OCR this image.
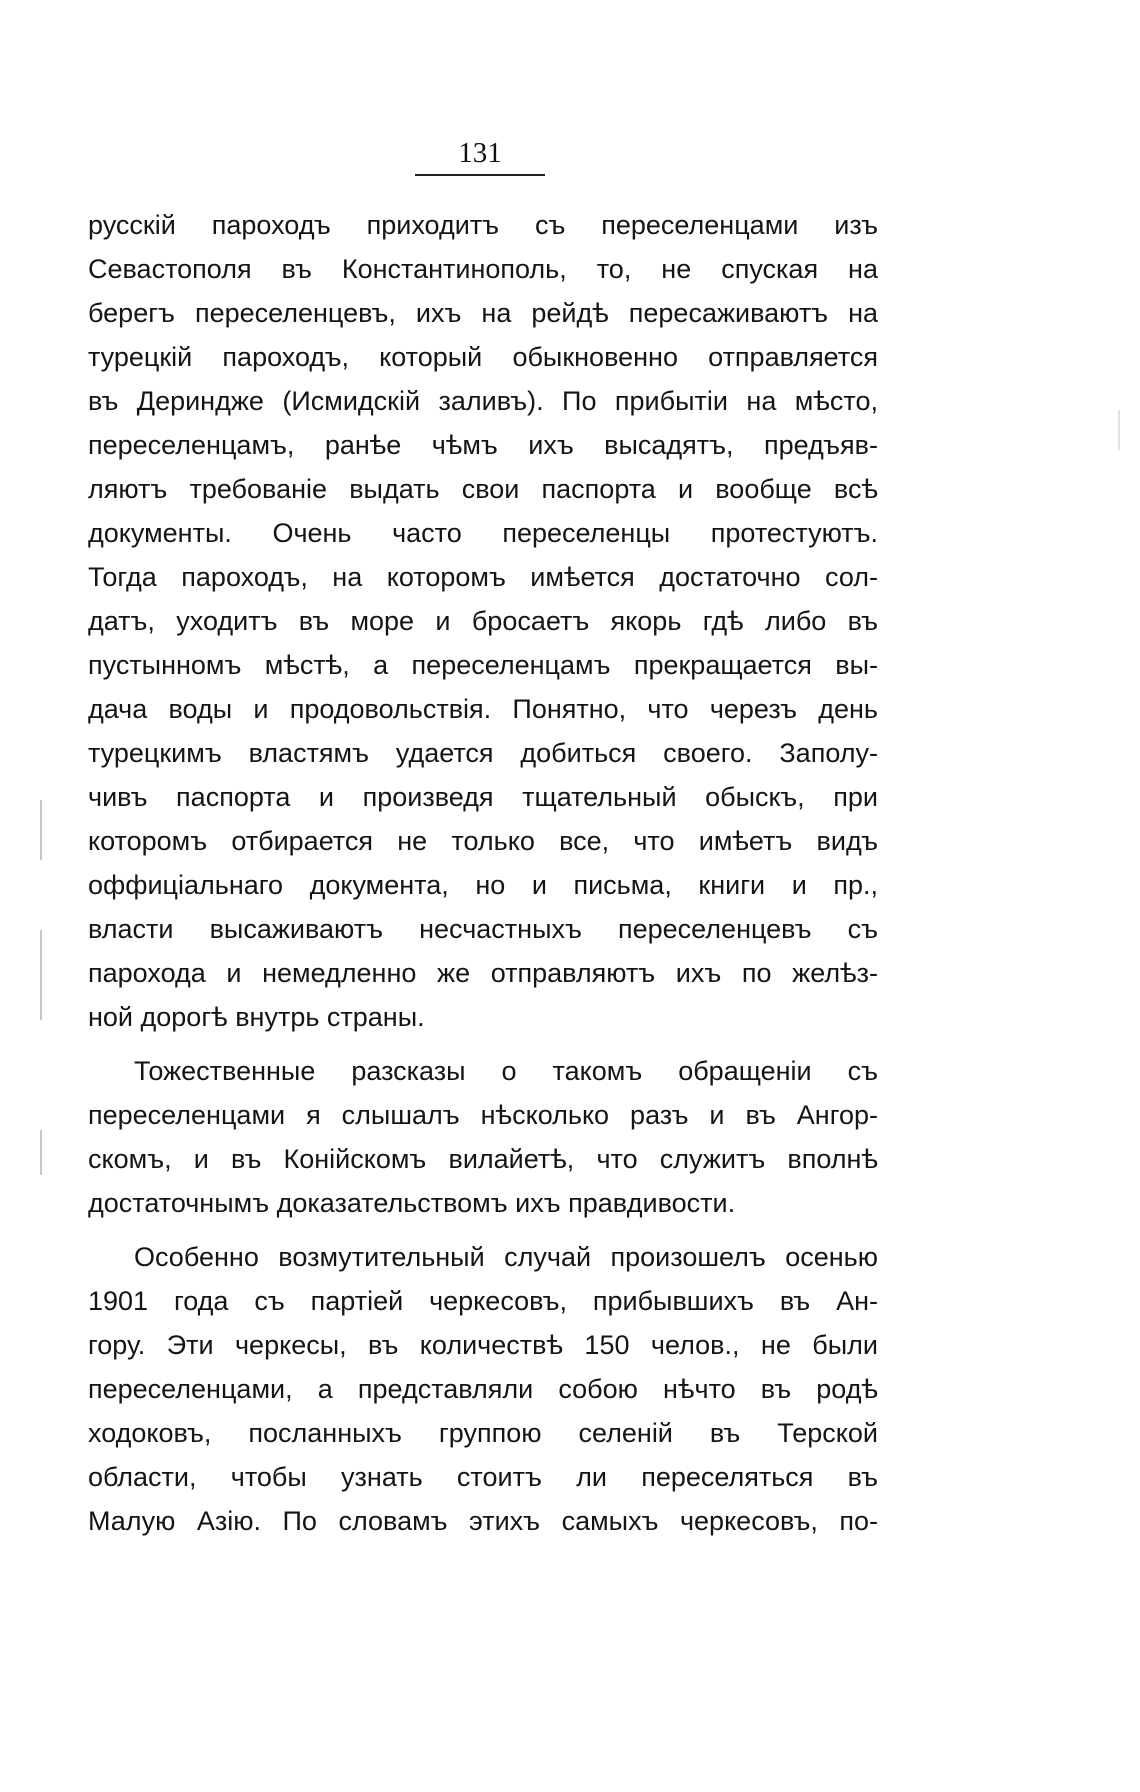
131
русскій пароходъ приходитъ съ переселенцами изъ
Севастополя въ Константинополь, то, не спуская на
берегъ переселенцевъ, ихъ на рейдѣ пересаживаютъ на
турецкій пароходъ, который обыкновенно отправляется
въ Дериндже (Исмидскій заливъ). По прибытіи на мѣсто,
переселенцамъ, ранѣе чѣмъ ихъ высадятъ, предъяв-
ляютъ требованіе выдать свои паспорта и вообще всѣ
документы. Очень часто переселенцы протестуютъ.
Тогда пароходъ, на которомъ имѣется достаточно сол-
датъ, уходитъ въ море и бросаетъ якорь гдѣ либо въ
пустынномъ мѣстѣ, а переселенцамъ прекращается вы-
дача воды и продовольствія. Понятно, что черезъ день
турецкимъ властямъ удается добиться своего. Заполу-
чивъ паспорта и произведя тщательный обыскъ, при
которомъ отбирается не только все, что имѣетъ видъ
оффиціальнаго документа, но и письма, книги и пр.,
власти высаживаютъ несчастныхъ переселенцевъ съ
парохода и немедленно же отправляютъ ихъ по желѣз-
ной дорогѣ внутрь страны.
Тожественные разсказы о такомъ обращеніи съ
переселенцами я слышалъ нѣсколько разъ и въ Ангор-
скомъ, и въ Конійскомъ вилайетѣ, что служитъ вполнѣ
достаточнымъ доказательствомъ ихъ правдивости.
Особенно возмутительный случай произошелъ осенью
1901 года съ партіей черкесовъ, прибывшихъ въ Ан-
гору. Эти черкесы, въ количествѣ 150 челов., не были
переселенцами, а представляли собою нѣчто въ родѣ
ходоковъ, посланныхъ группою селеній въ Терской
области, чтобы узнать стоитъ ли переселяться въ
Малую Азію. По словамъ этихъ самыхъ черкесовъ, по-
